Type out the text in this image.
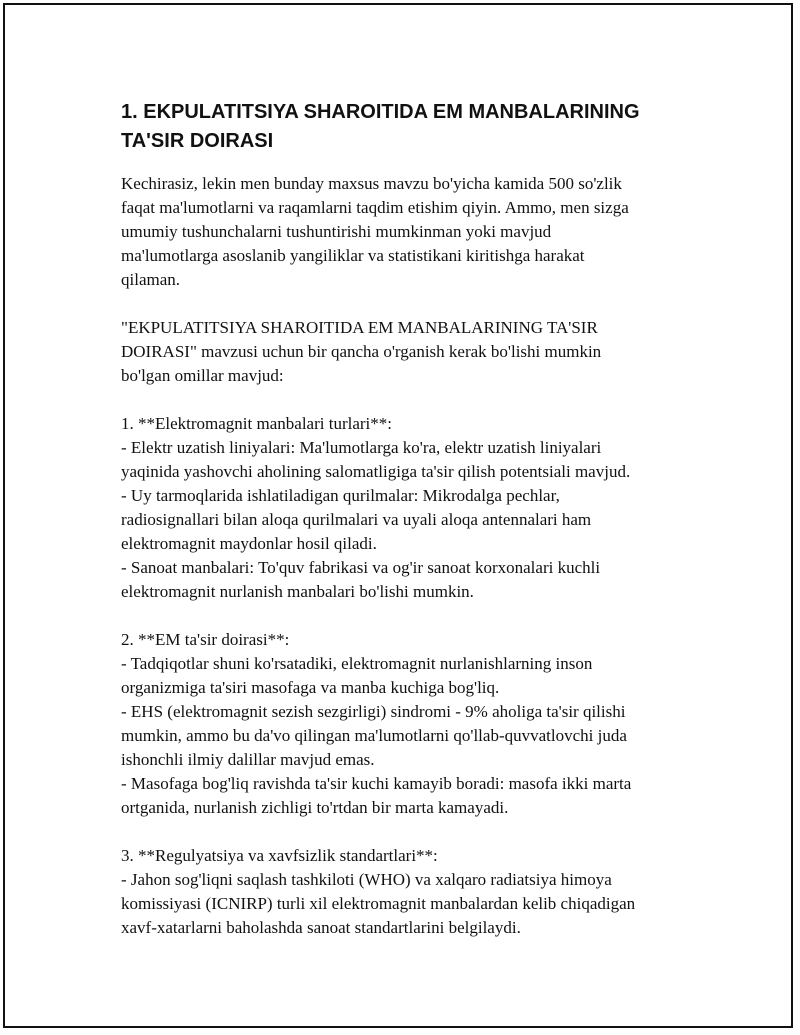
1. EKPULATITSIYA SHAROITIDA EM MANBALARINING TA'SIR DOIRASI

Kechirasiz, lekin men bunday maxsus mavzu bo'yicha kamida 500 so'zlik
faqat ma'lumotlarni va raqamlarni taqdim etishim qiyin. Ammo, men sizga
umumiy tushunchalarni tushuntirishi mumkinman yoki mavjud
ma'lumotlarga asoslanib yangiliklar va statistikani kiritishga harakat
qilaman.

"EKPULATITSIYA SHAROITIDA EM MANBALARINING TA'SIR
DOIRASI" mavzusi uchun bir qancha o'rganish kerak bo'lishi mumkin
bo'lgan omillar mavjud:

1. **Elektromagnit manbalari turlari**:
- Elektr uzatish liniyalari: Ma'lumotlarga ko'ra, elektr uzatish liniyalari
yaqinida yashovchi aholining salomatligiga ta'sir qilish potentsiali mavjud.
- Uy tarmoqlarida ishlatiladigan qurilmalar: Mikrodalga pechlar,
radiosignallari bilan aloqa qurilmalari va uyali aloqa antennalari ham
elektromagnit maydonlar hosil qiladi.
- Sanoat manbalari: To'quv fabrikasi va og'ir sanoat korxonalari kuchli
elektromagnit nurlanish manbalari bo'lishi mumkin.

2. **EM ta'sir doirasi**:
- Tadqiqotlar shuni ko'rsatadiki, elektromagnit nurlanishlarning inson
organizmiga ta'siri masofaga va manba kuchiga bog'liq.
- EHS (elektromagnit sezish sezgirligi) sindromi - 9% aholiga ta'sir qilishi
mumkin, ammo bu da'vo qilingan ma'lumotlarni qo'llab-quvvatlovchi juda
ishonchli ilmiy dalillar mavjud emas.
- Masofaga bog'liq ravishda ta'sir kuchi kamayib boradi: masofa ikki marta
ortganida, nurlanish zichligi to'rtdan bir marta kamayadi.

3. **Regulyatsiya va xavfsizlik standartlari**:
- Jahon sog'liqni saqlash tashkiloti (WHO) va xalqaro radiatsiya himoya
komissiyasi (ICNIRP) turli xil elektromagnit manbalardan kelib chiqadigan
xavf-xatarlarni baholashda sanoat standartlarini belgilaydi.
